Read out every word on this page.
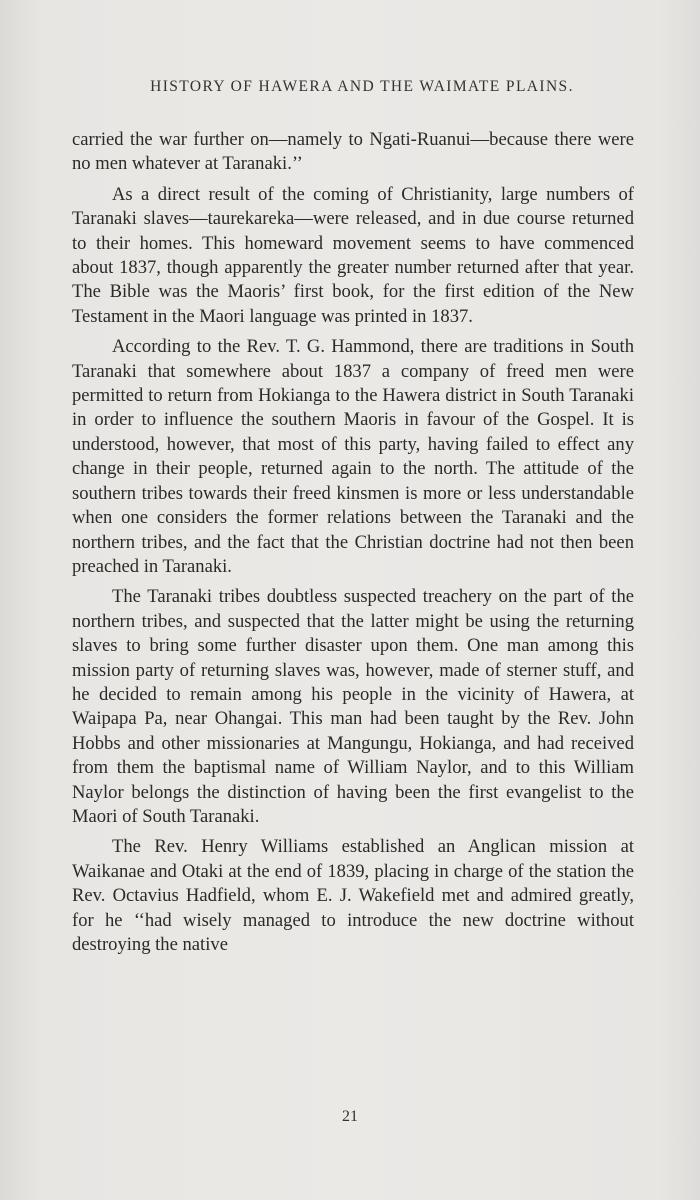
HISTORY OF HAWERA AND THE WAIMATE PLAINS.

carried the war further on—namely to Ngati-Ruanui—because there were no men whatever at Taranaki.’’

As a direct result of the coming of Christianity, large numbers of Taranaki slaves—taurekareka—were released, and in due course returned to their homes. This homeward movement seems to have commenced about 1837, though apparently the greater number returned after that year. The Bible was the Maoris’ first book, for the first edition of the New Testament in the Maori language was printed in 1837.

According to the Rev. T. G. Hammond, there are traditions in South Taranaki that somewhere about 1837 a company of freed men were permitted to return from Hokianga to the Hawera district in South Taranaki in order to influence the southern Maoris in favour of the Gospel. It is understood, however, that most of this party, having failed to effect any change in their people, returned again to the north. The attitude of the southern tribes towards their freed kinsmen is more or less understandable when one considers the former relations between the Taranaki and the northern tribes, and the fact that the Christian doctrine had not then been preached in Taranaki.

The Taranaki tribes doubtless suspected treachery on the part of the northern tribes, and suspected that the latter might be using the returning slaves to bring some further disaster upon them. One man among this mission party of returning slaves was, however, made of sterner stuff, and he decided to remain among his people in the vicinity of Hawera, at Waipapa Pa, near Ohangai. This man had been taught by the Rev. John Hobbs and other missionaries at Mangungu, Hokianga, and had received from them the baptismal name of William Naylor, and to this William Naylor belongs the distinction of having been the first evangelist to the Maori of South Taranaki.

The Rev. Henry Williams established an Anglican mission at Waikanae and Otaki at the end of 1839, placing in charge of the station the Rev. Octavius Hadfield, whom E. J. Wakefield met and admired greatly, for he ‘‘had wisely managed to introduce the new doctrine without destroying the native

21
